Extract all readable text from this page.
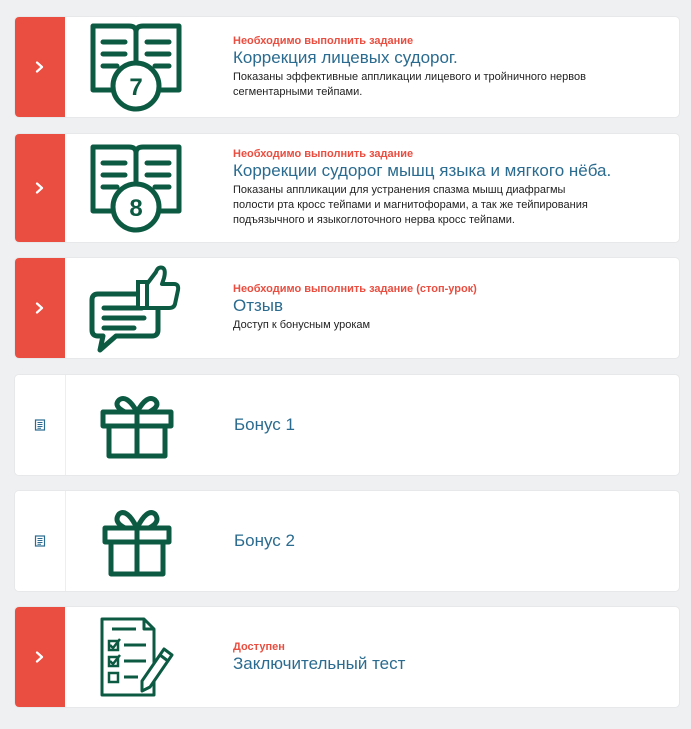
7
Необходимо выполнить задание
Коррекция лицевых судорог.
Показаны эффективные аппликации лицевого и тройничного нервов
сегментарными тейпами.
8
Необходимо выполнить задание
Коррекции судорог мышц языка и мягкого нёба.
Показаны аппликации для устранения спазма мышц диафрагмы
полости рта кросс тейпами и магнитофорами, а так же тейпирования
подъязычного и языкоглоточного нерва кросс тейпами.
Необходимо выполнить задание (стоп-урок)
Отзыв
Доступ к бонусным урокам
Бонус 1
Бонус 2
Доступен
Заключительный тест
